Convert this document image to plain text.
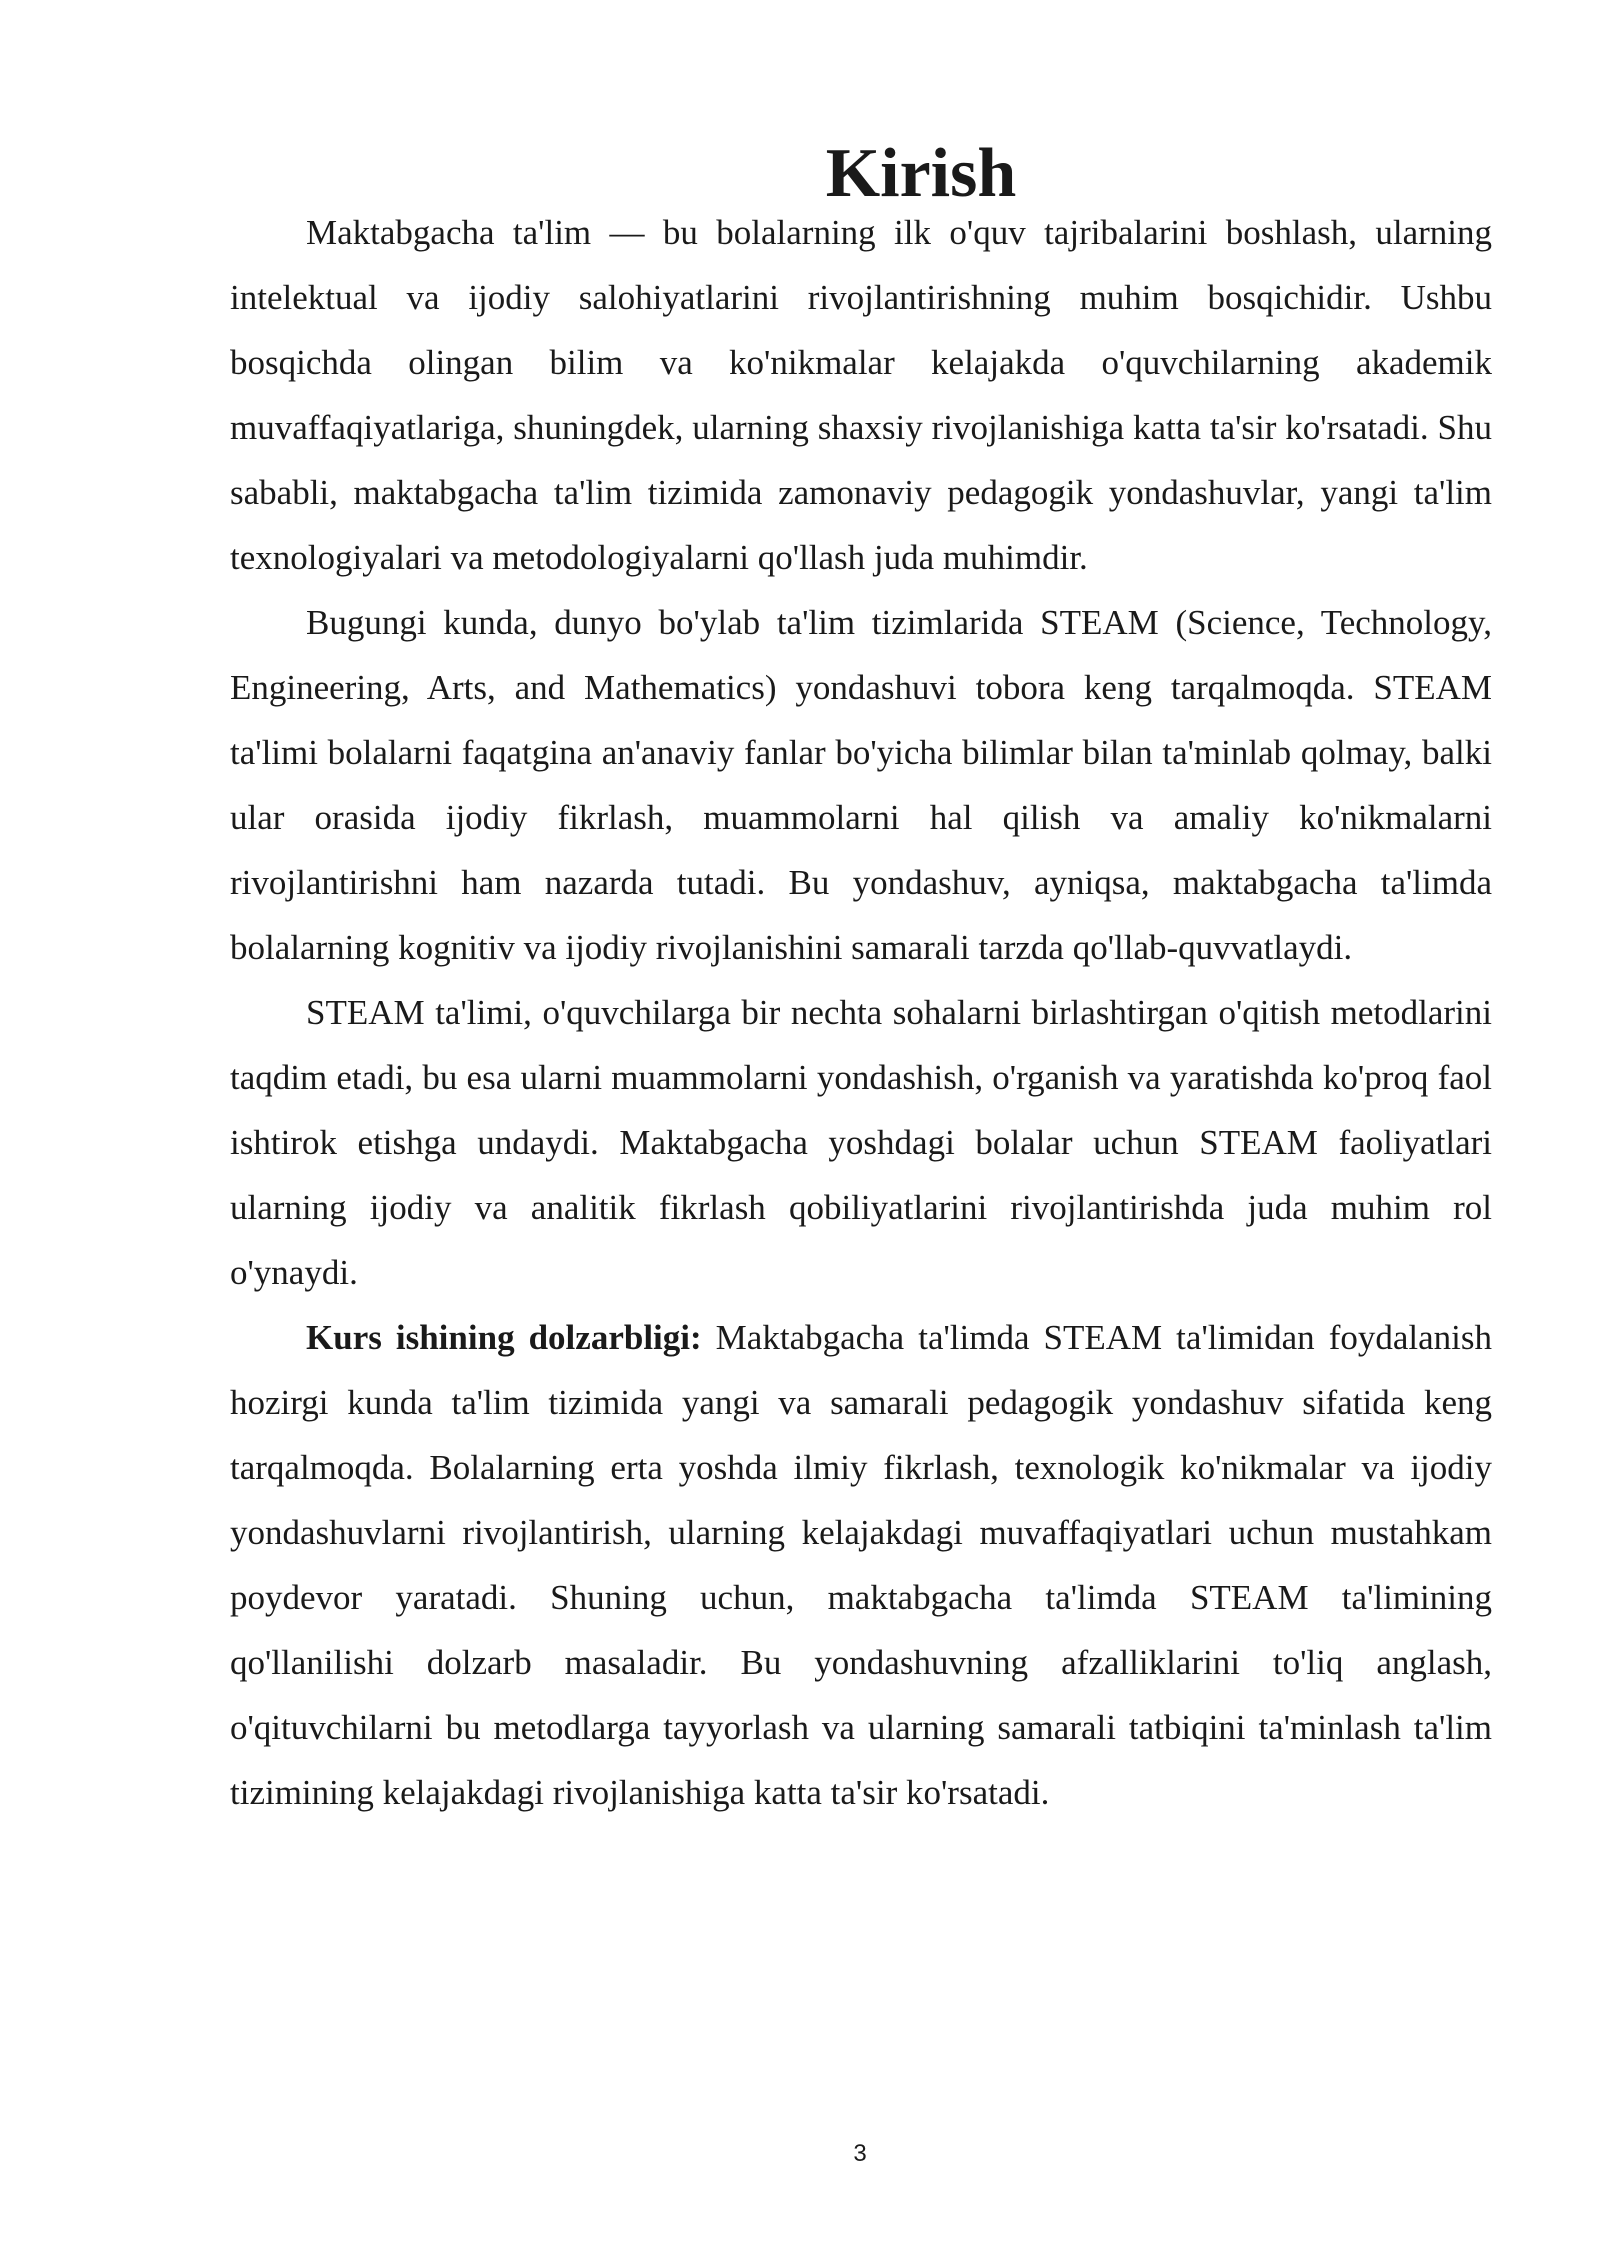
Kirish

Maktabgacha ta'lim — bu bolalarning ilk o'quv tajribalarini boshlash, ularning intelektual va ijodiy salohiyatlarini rivojlantirishning muhim bosqichidir. Ushbu bosqichda olingan bilim va ko'nikmalar kelajakda o'quvchilarning akademik muvaffaqiyatlariga, shuningdek, ularning shaxsiy rivojlanishiga katta ta'sir ko'rsatadi. Shu sababli, maktabgacha ta'lim tizimida zamonaviy pedagogik yondashuvlar, yangi ta'lim texnologiyalari va metodologiyalarni qo'llash juda muhimdir.

Bugungi kunda, dunyo bo'ylab ta'lim tizimlarida STEAM (Science, Technology, Engineering, Arts, and Mathematics) yondashuvi tobora keng tarqalmoqda. STEAM ta'limi bolalarni faqatgina an'anaviy fanlar bo'yicha bilimlar bilan ta'minlab qolmay, balki ular orasida ijodiy fikrlash, muammolarni hal qilish va amaliy ko'nikmalarni rivojlantirishni ham nazarda tutadi. Bu yondashuv, ayniqsa, maktabgacha ta'limda bolalarning kognitiv va ijodiy rivojlanishini samarali tarzda qo'llab-quvvatlaydi.

STEAM ta'limi, o'quvchilarga bir nechta sohalarni birlashtirgan o'qitish metodlarini taqdim etadi, bu esa ularni muammolarni yondashish, o'rganish va yaratishda ko'proq faol ishtirok etishga undaydi. Maktabgacha yoshdagi bolalar uchun STEAM faoliyatlari ularning ijodiy va analitik fikrlash qobiliyatlarini rivojlantirishda juda muhim rol o'ynaydi.

Kurs ishining dolzarbligi: Maktabgacha ta'limda STEAM ta'limidan foydalanish hozirgi kunda ta'lim tizimida yangi va samarali pedagogik yondashuv sifatida keng tarqalmoqda. Bolalarning erta yoshda ilmiy fikrlash, texnologik ko'nikmalar va ijodiy yondashuvlarni rivojlantirish, ularning kelajakdagi muvaffaqiyatlari uchun mustahkam poydevor yaratadi. Shuning uchun, maktabgacha ta'limda STEAM ta'limining qo'llanilishi dolzarb masaladir. Bu yondashuvning afzalliklarini to'liq anglash, o'qituvchilarni bu metodlarga tayyorlash va ularning samarali tatbiqini ta'minlash ta'lim tizimining kelajakdagi rivojlanishiga katta ta'sir ko'rsatadi.

3
